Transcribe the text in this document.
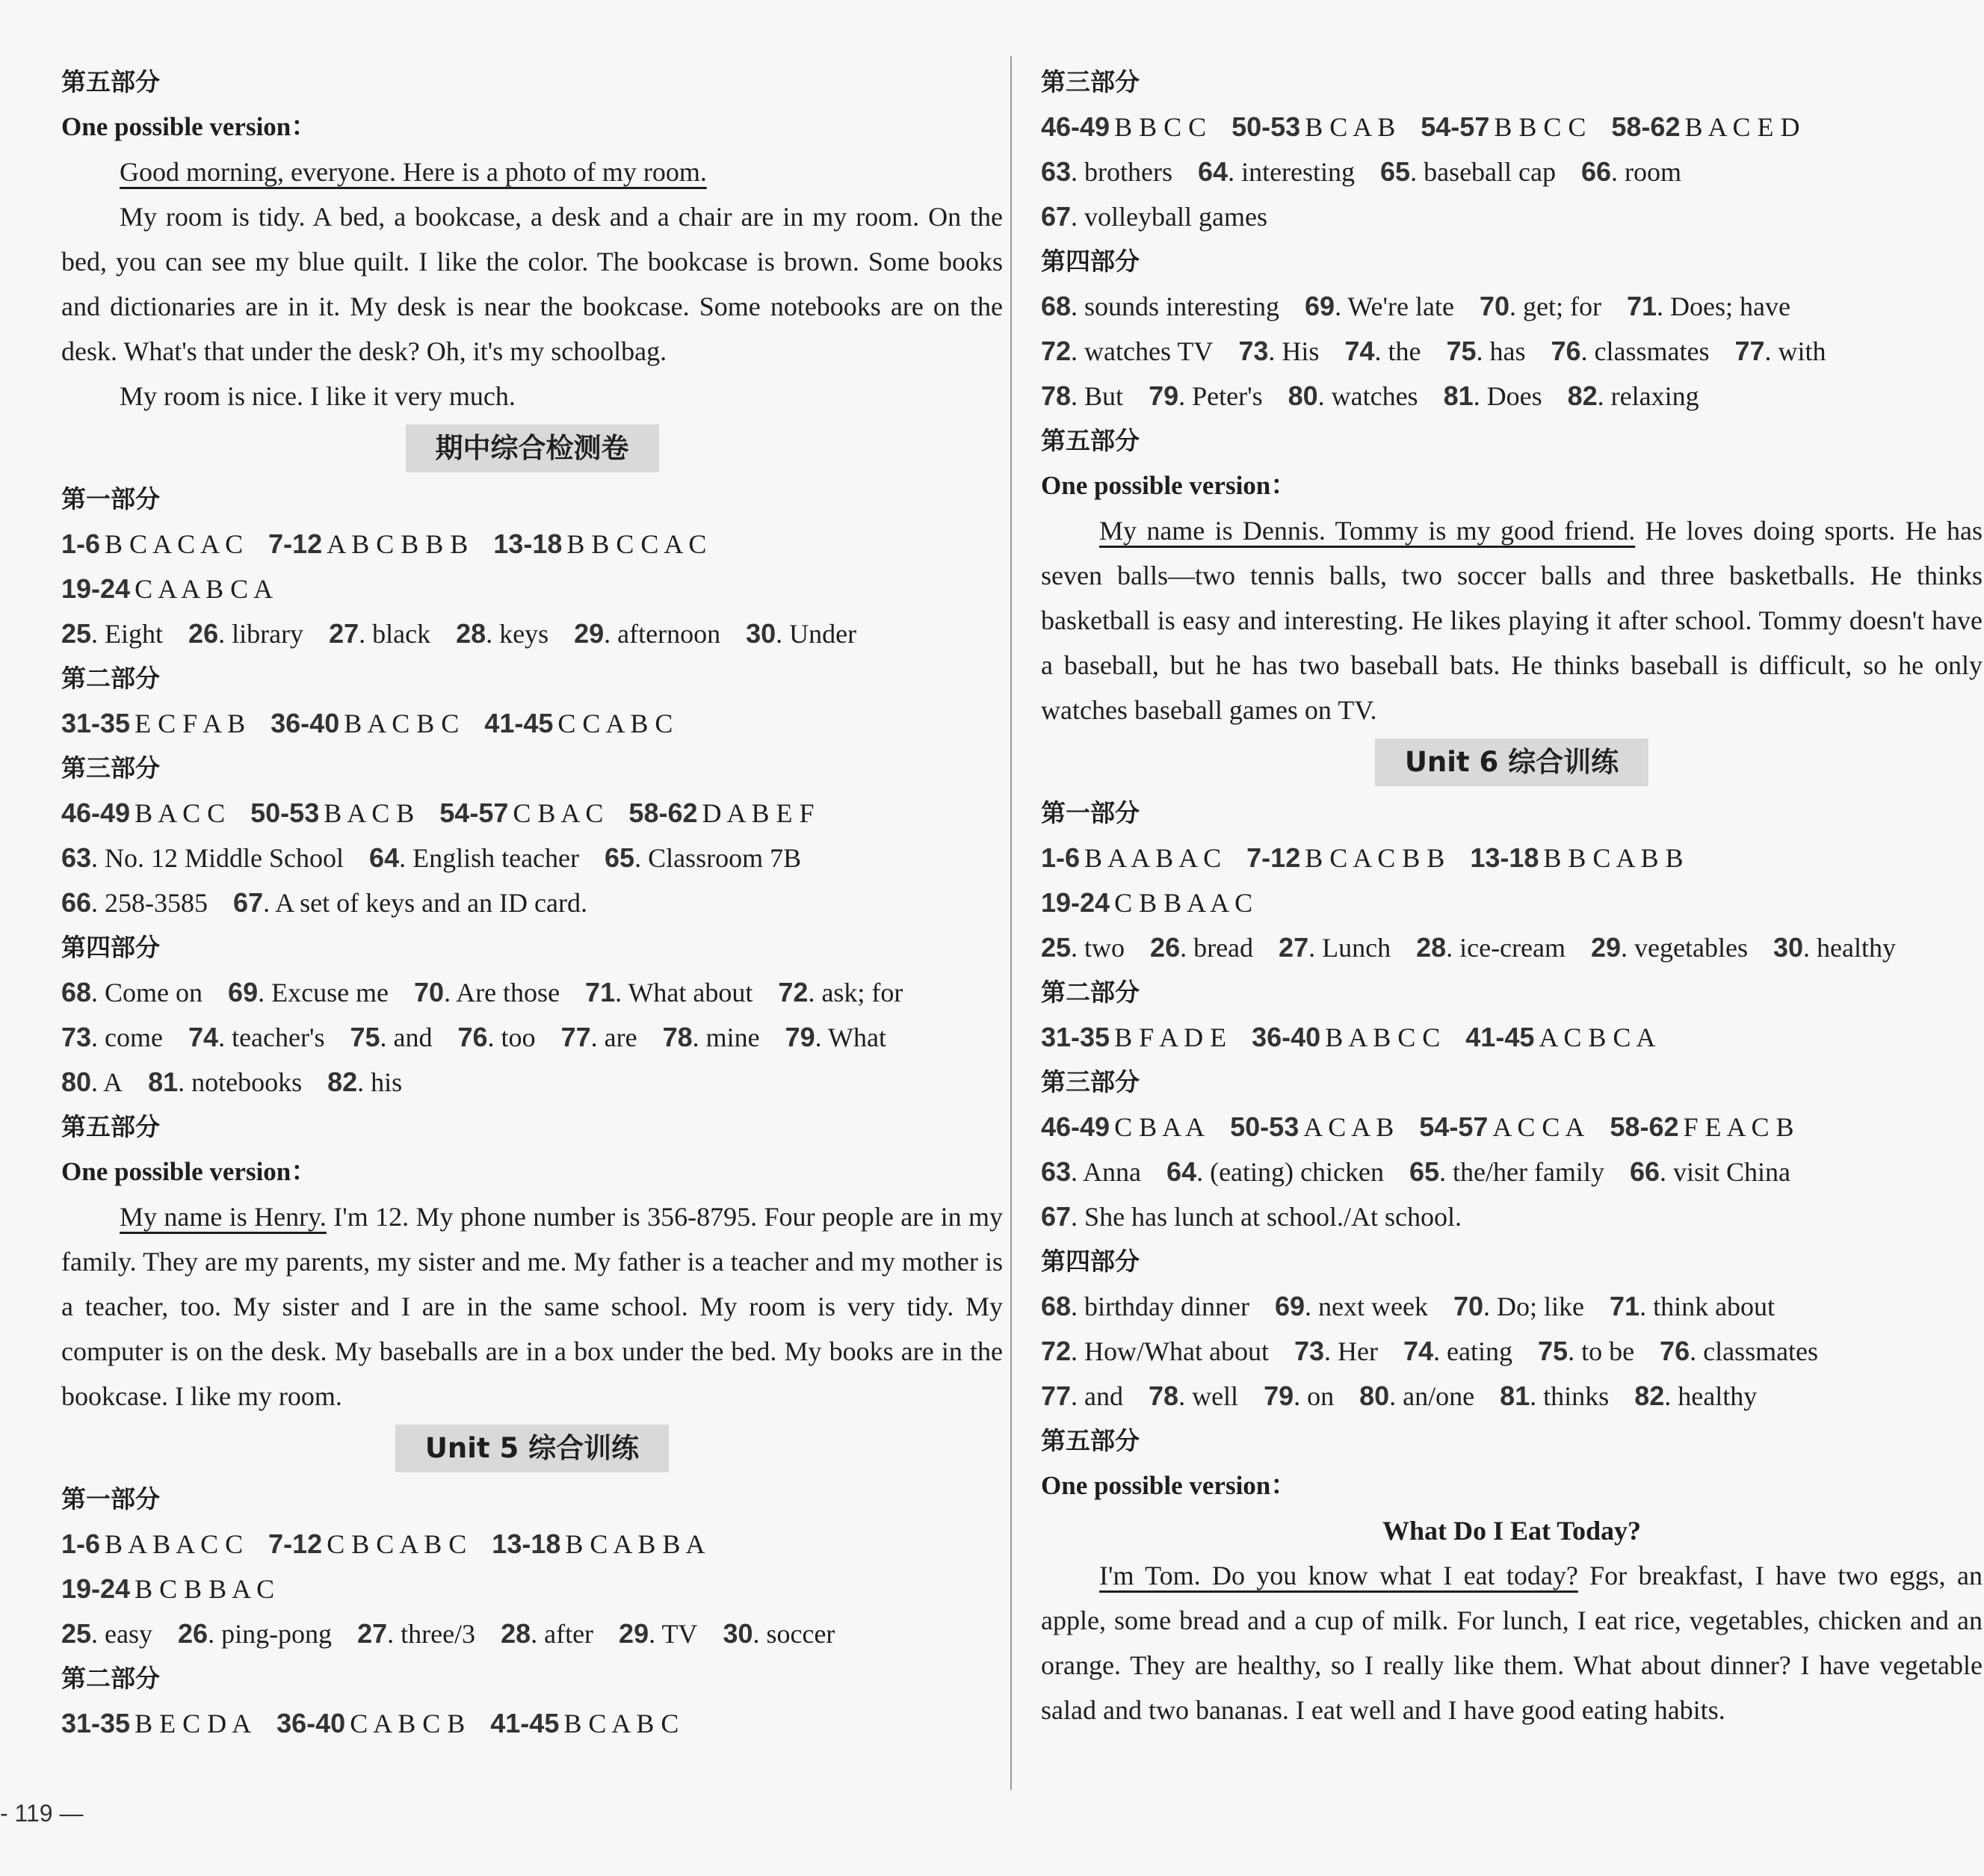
第五部分
One possible version：

Good morning, everyone. Here is a photo of my room.

My room is tidy. A bed, a bookcase, a desk and a chair are in my room. On the bed, you can see my blue quilt. I like the color. The bookcase is brown. Some books and dictionaries are in it. My desk is near the bookcase. Some notebooks are on the desk. What's that under the desk? Oh, it's my schoolbag.

My room is nice. I like it very much.

期中综合检测卷
第一部分
1-6 B C A C A C 7-12 A B C B B B 13-18 B B C C A C
19-24 C A A B C A
25. Eight 26. library 27. black 28. keys 29. afternoon 30. Under
第二部分
31-35 E C F A B 36-40 B A C B C 41-45 C C A B C
第三部分
46-49 B A C C 50-53 B A C B 54-57 C B A C 58-62 D A B E F
63. No. 12 Middle School 64. English teacher 65. Classroom 7B
66. 258-3585 67. A set of keys and an ID card.
第四部分
68. Come on 69. Excuse me 70. Are those 71. What about 72. ask; for
73. come 74. teacher's 75. and 76. too 77. are 78. mine 79. What
80. A 81. notebooks 82. his
第五部分
One possible version：

My name is Henry. I'm 12. My phone number is 356-8795. Four people are in my family. They are my parents, my sister and me. My father is a teacher and my mother is a teacher, too. My sister and I are in the same school. My room is very tidy. My computer is on the desk. My baseballs are in a box under the bed. My books are in the bookcase. I like my room.

Unit 5 综合训练
第一部分
1-6 B A B A C C 7-12 C B C A B C 13-18 B C A B B A
19-24 B C B B A C
25. easy 26. ping-pong 27. three/3 28. after 29. TV 30. soccer
第二部分
31-35 B E C D A 36-40 C A B C B 41-45 B C A B C
第三部分
46-49 B B C C 50-53 B C A B 54-57 B B C C 58-62 B A C E D
63. brothers 64. interesting 65. baseball cap 66. room
67. volleyball games
第四部分
68. sounds interesting 69. We're late 70. get; for 71. Does; have
72. watches TV 73. His 74. the 75. has 76. classmates 77. with
78. But 79. Peter's 80. watches 81. Does 82. relaxing
第五部分
One possible version：

My name is Dennis. Tommy is my good friend. He loves doing sports. He has seven balls—two tennis balls, two soccer balls and three basketballs. He thinks basketball is easy and interesting. He likes playing it after school. Tommy doesn't have a baseball, but he has two baseball bats. He thinks baseball is difficult, so he only watches baseball games on TV.

Unit 6 综合训练
第一部分
1-6 B A A B A C 7-12 B C A C B B 13-18 B B C A B B
19-24 C B B A A C
25. two 26. bread 27. Lunch 28. ice-cream 29. vegetables 30. healthy
第二部分
31-35 B F A D E 36-40 B A B C C 41-45 A C B C A
第三部分
46-49 C B A A 50-53 A C A B 54-57 A C C A 58-62 F E A C B
63. Anna 64. (eating) chicken 65. the/her family 66. visit China
67. She has lunch at school./At school.
第四部分
68. birthday dinner 69. next week 70. Do; like 71. think about
72. How/What about 73. Her 74. eating 75. to be 76. classmates
77. and 78. well 79. on 80. an/one 81. thinks 82. healthy
第五部分
One possible version：
What Do I Eat Today?

I'm Tom. Do you know what I eat today? For breakfast, I have two eggs, an apple, some bread and a cup of milk. For lunch, I eat rice, vegetables, chicken and an orange. They are healthy, so I really like them. What about dinner? I have vegetable salad and two bananas. I eat well and I have good eating habits.

- 119 —
